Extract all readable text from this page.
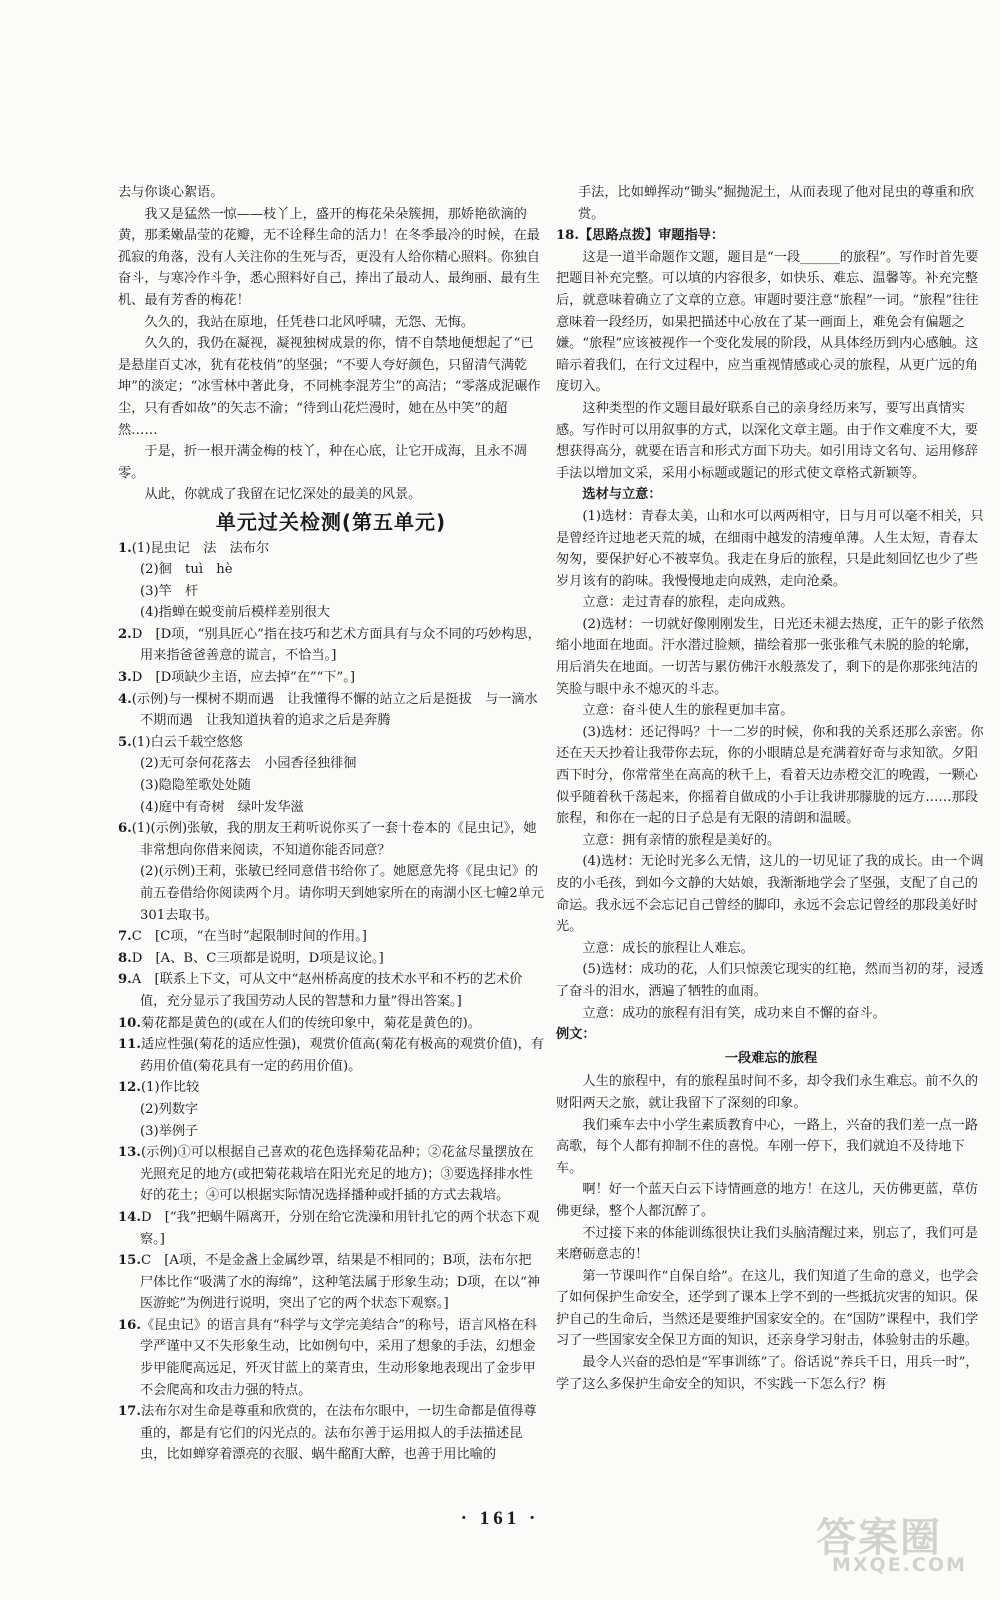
去与你谈心絮语。

我又是猛然一惊——枝丫上，盛开的梅花朵朵簇拥，那娇艳欲滴的黄，那柔嫩晶莹的花瓣，无不诠释生命的活力！在冬季最冷的时候，在最孤寂的角落，没有人关注你的生死与否，更没有人给你精心照料。你独自奋斗，与寒冷作斗争，悉心照料好自己，捧出了最动人、最绚丽、最有生机、最有芳香的梅花！

久久的，我站在原地，任凭巷口北风呼啸，无怨、无悔。

久久的，我仍在凝视，凝视独树成景的你，情不自禁地便想起了“已是悬崖百丈冰，犹有花枝俏”的坚强；“不要人夸好颜色，只留清气满乾坤”的淡定；“冰雪林中著此身，不同桃李混芳尘”的高洁；“零落成泥碾作尘，只有香如故”的矢志不渝；“待到山花烂漫时，她在丛中笑”的超然……

于是，折一根开满金梅的枝丫，种在心底，让它开成海，且永不凋零。

从此，你就成了我留在记忆深处的最美的风景。

单元过关检测(第五单元)

1.(1)昆虫记　法　法布尔

(2)徊　tuì　hè

(3)竿　杆

(4)指蝉在蜕变前后模样差别很大

2.D　[D项，“别具匠心”指在技巧和艺术方面具有与众不同的巧妙构思，用来指爸爸善意的谎言，不恰当。]

3.D　[D项缺少主语，应去掉“在”“下”。]

4.(示例)与一棵树不期而遇　让我懂得不懈的站立之后是挺拔　与一滴水不期而遇　让我知道执着的追求之后是奔腾

5.(1)白云千载空悠悠

(2)无可奈何花落去　小园香径独徘徊

(3)隐隐笙歌处处随

(4)庭中有奇树　绿叶发华滋

6.(1)(示例)张敏，我的朋友王莉听说你买了一套十卷本的《昆虫记》，她非常想向你借来阅读，不知道你能否同意？

(2)(示例)王莉，张敏已经同意借书给你了。她愿意先将《昆虫记》的前五卷借给你阅读两个月。请你明天到她家所在的南湖小区七幢2单元301去取书。

7.C　[C项，“在当时”起限制时间的作用。]

8.D　[A、B、C三项都是说明，D项是议论。]

9.A　[联系上下文，可从文中“赵州桥高度的技术水平和不朽的艺术价值，充分显示了我国劳动人民的智慧和力量”得出答案。]

10.菊花都是黄色的(或在人们的传统印象中，菊花是黄色的)。

11.适应性强(菊花的适应性强)，观赏价值高(菊花有极高的观赏价值)，有药用价值(菊花具有一定的药用价值)。

12.(1)作比较

(2)列数字

(3)举例子

13.(示例)①可以根据自己喜欢的花色选择菊花品种；②花盆尽量摆放在光照充足的地方(或把菊花栽培在阳光充足的地方)；③要选择排水性好的花土；④可以根据实际情况选择播种或扦插的方式去栽培。

14.D　[“我”把蜗牛隔离开，分别在给它洗澡和用针扎它的两个状态下观察。]

15.C　[A项，不是金盏上金属纱罩，结果是不相同的；B项，法布尔把尸体比作“吸满了水的海绵”，这种笔法属于形象生动；D项，在以“神医游蛇”为例进行说明，突出了它的两个状态下观察。]

16.《昆虫记》的语言具有“科学与文学完美结合”的称号，语言风格在科学严谨中又不失形象生动，比如例句中，采用了想象的手法，幻想金步甲能爬高远足，歼灭甘蓝上的菜青虫，生动形象地表现出了金步甲不会爬高和攻击力强的特点。

17.法布尔对生命是尊重和欣赏的，在法布尔眼中，一切生命都是值得尊重的，都是有它们的闪光点的。法布尔善于运用拟人的手法描述昆虫，比如蝉穿着漂亮的衣服、蜗牛酩酊大醉，也善于用比喻的

手法，比如蝉挥动“锄头”掘抛泥土，从而表现了他对昆虫的尊重和欣赏。

18.【思路点拨】审题指导：

这是一道半命题作文题，题目是“一段______的旅程”。写作时首先要把题目补充完整。可以填的内容很多，如快乐、难忘、温馨等。补充完整后，就意味着确立了文章的立意。审题时要注意“旅程”一词。“旅程”往往意味着一段经历，如果把描述中心放在了某一画面上，难免会有偏题之嫌。“旅程”应该被视作一个变化发展的阶段，从具体经历到内心感触。这暗示着我们，在行文过程中，应当重视情感或心灵的旅程，从更广远的角度切入。

这种类型的作文题目最好联系自己的亲身经历来写，要写出真情实感。写作时可以用叙事的方式，以深化文章主题。由于作文难度不大，要想获得高分，就要在语言和形式方面下功夫。如引用诗文名句、运用修辞手法以增加文采，采用小标题或题记的形式使文章格式新颖等。

选材与立意：

(1)选材：青春太美，山和水可以两两相守，日与月可以毫不相关，只是曾经许过地老天荒的城，在细雨中越发的清瘦单薄。人生太短，青春太匆匆，要保护好心不被辜负。我走在身后的旅程，只是此刻回忆也少了些岁月该有的韵味。我慢慢地走向成熟，走向沧桑。

立意：走过青春的旅程，走向成熟。

(2)选材：一切就好像刚刚发生，日光还未褪去热度，正午的影子依然缩小地面在地面。汗水潜过脸颊，描绘着那一张张稚气未脱的脸的轮廓，用后消失在地面。一切苦与累仿佛汗水般蒸发了，剩下的是你那张纯洁的笑脸与眼中永不熄灭的斗志。

立意：奋斗使人生的旅程更加丰富。

(3)选材：还记得吗？十一二岁的时候，你和我的关系还那么亲密。你还在天天抄着让我带你去玩，你的小眼睛总是充满着好奇与求知欲。夕阳西下时分，你常常坐在高高的秋千上，看着天边赤橙交汇的晚霞，一颗心似乎随着秋千荡起来，你摇着自做成的小手让我讲那朦胧的远方……那段旅程，和你在一起的日子总是有无限的清朗和温暖。

立意：拥有亲情的旅程是美好的。

(4)选材：无论时光多么无情，这儿的一切见证了我的成长。由一个调皮的小毛孩，到如今文静的大姑娘，我渐渐地学会了坚强，支配了自己的命运。我永远不会忘记自己曾经的脚印，永远不会忘记曾经的那段美好时光。

立意：成长的旅程让人难忘。

(5)选材：成功的花，人们只惊羡它现实的红艳，然而当初的芽，浸透了奋斗的泪水，洒遍了牺牲的血雨。

立意：成功的旅程有泪有笑，成功来自不懈的奋斗。

例文：

一段难忘的旅程

人生的旅程中，有的旅程虽时间不多，却令我们永生难忘。前不久的财阳两天之旅，就让我留下了深刻的印象。

我们乘车去中小学生素质教育中心，一路上，兴奋的我们差一点一路高歌，每个人都有抑制不住的喜悦。车刚一停下，我们就迫不及待地下车。

啊！好一个蓝天白云下诗情画意的地方！在这儿，天仿佛更蓝，草仿佛更绿，整个人都沉醉了。

不过接下来的体能训练很快让我们头脑清醒过来，别忘了，我们可是来磨砺意志的！

第一节课叫作“自保自给”。在这儿，我们知道了生命的意义，也学会了如何保护生命安全，还学到了课本上学不到的一些抵抗灾害的知识。保护自己的生命后，当然还是要维护国家安全的。在“国防”课程中，我们学习了一些国家安全保卫方面的知识，还亲身学习射击，体验射击的乐趣。

最令人兴奋的恐怕是“军事训练”了。俗话说“养兵千日，用兵一时”，学了这么多保护生命安全的知识，不实践一下怎么行？栴

· 161 ·	答案圈
MXQE.COM
